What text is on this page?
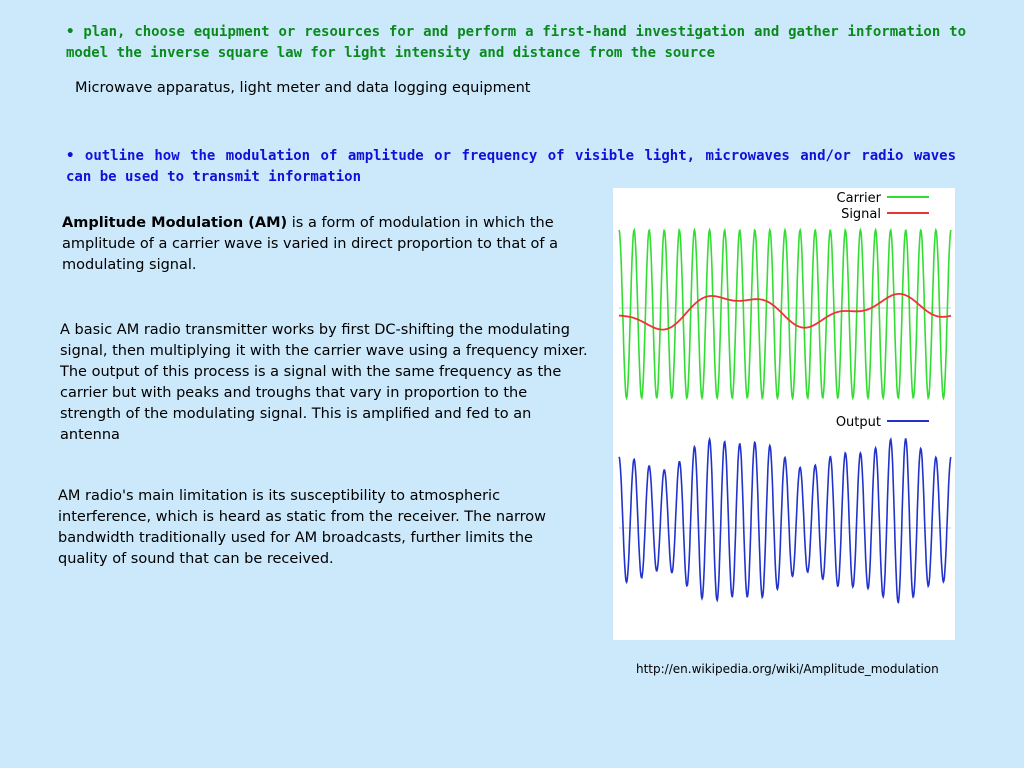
• plan, choose equipment or resources for and perform a first-hand investigation and gather information to model the inverse square law for light intensity and distance from the source
Microwave apparatus, light meter and data logging equipment
• outline how the modulation of amplitude or frequency of visible light, microwaves and/or radio waves can be used to transmit information
Amplitude Modulation (AM) is a form of modulation in which the amplitude of a carrier wave is varied in direct proportion to that of a modulating signal.
A basic AM radio transmitter works by first DC-shifting the modulating signal, then multiplying it with the carrier wave using a frequency mixer. The output of this process is a signal with the same frequency as the carrier but with peaks and troughs that vary in proportion to the strength of the modulating signal. This is amplified and fed to an antenna
AM radio's main limitation is its susceptibility to atmospheric interference, which is heard as static from the receiver. The narrow bandwidth traditionally used for AM broadcasts, further limits the quality of sound that can be received.
Carrier
Signal
Output
http://en.wikipedia.org/wiki/Amplitude_modulation
